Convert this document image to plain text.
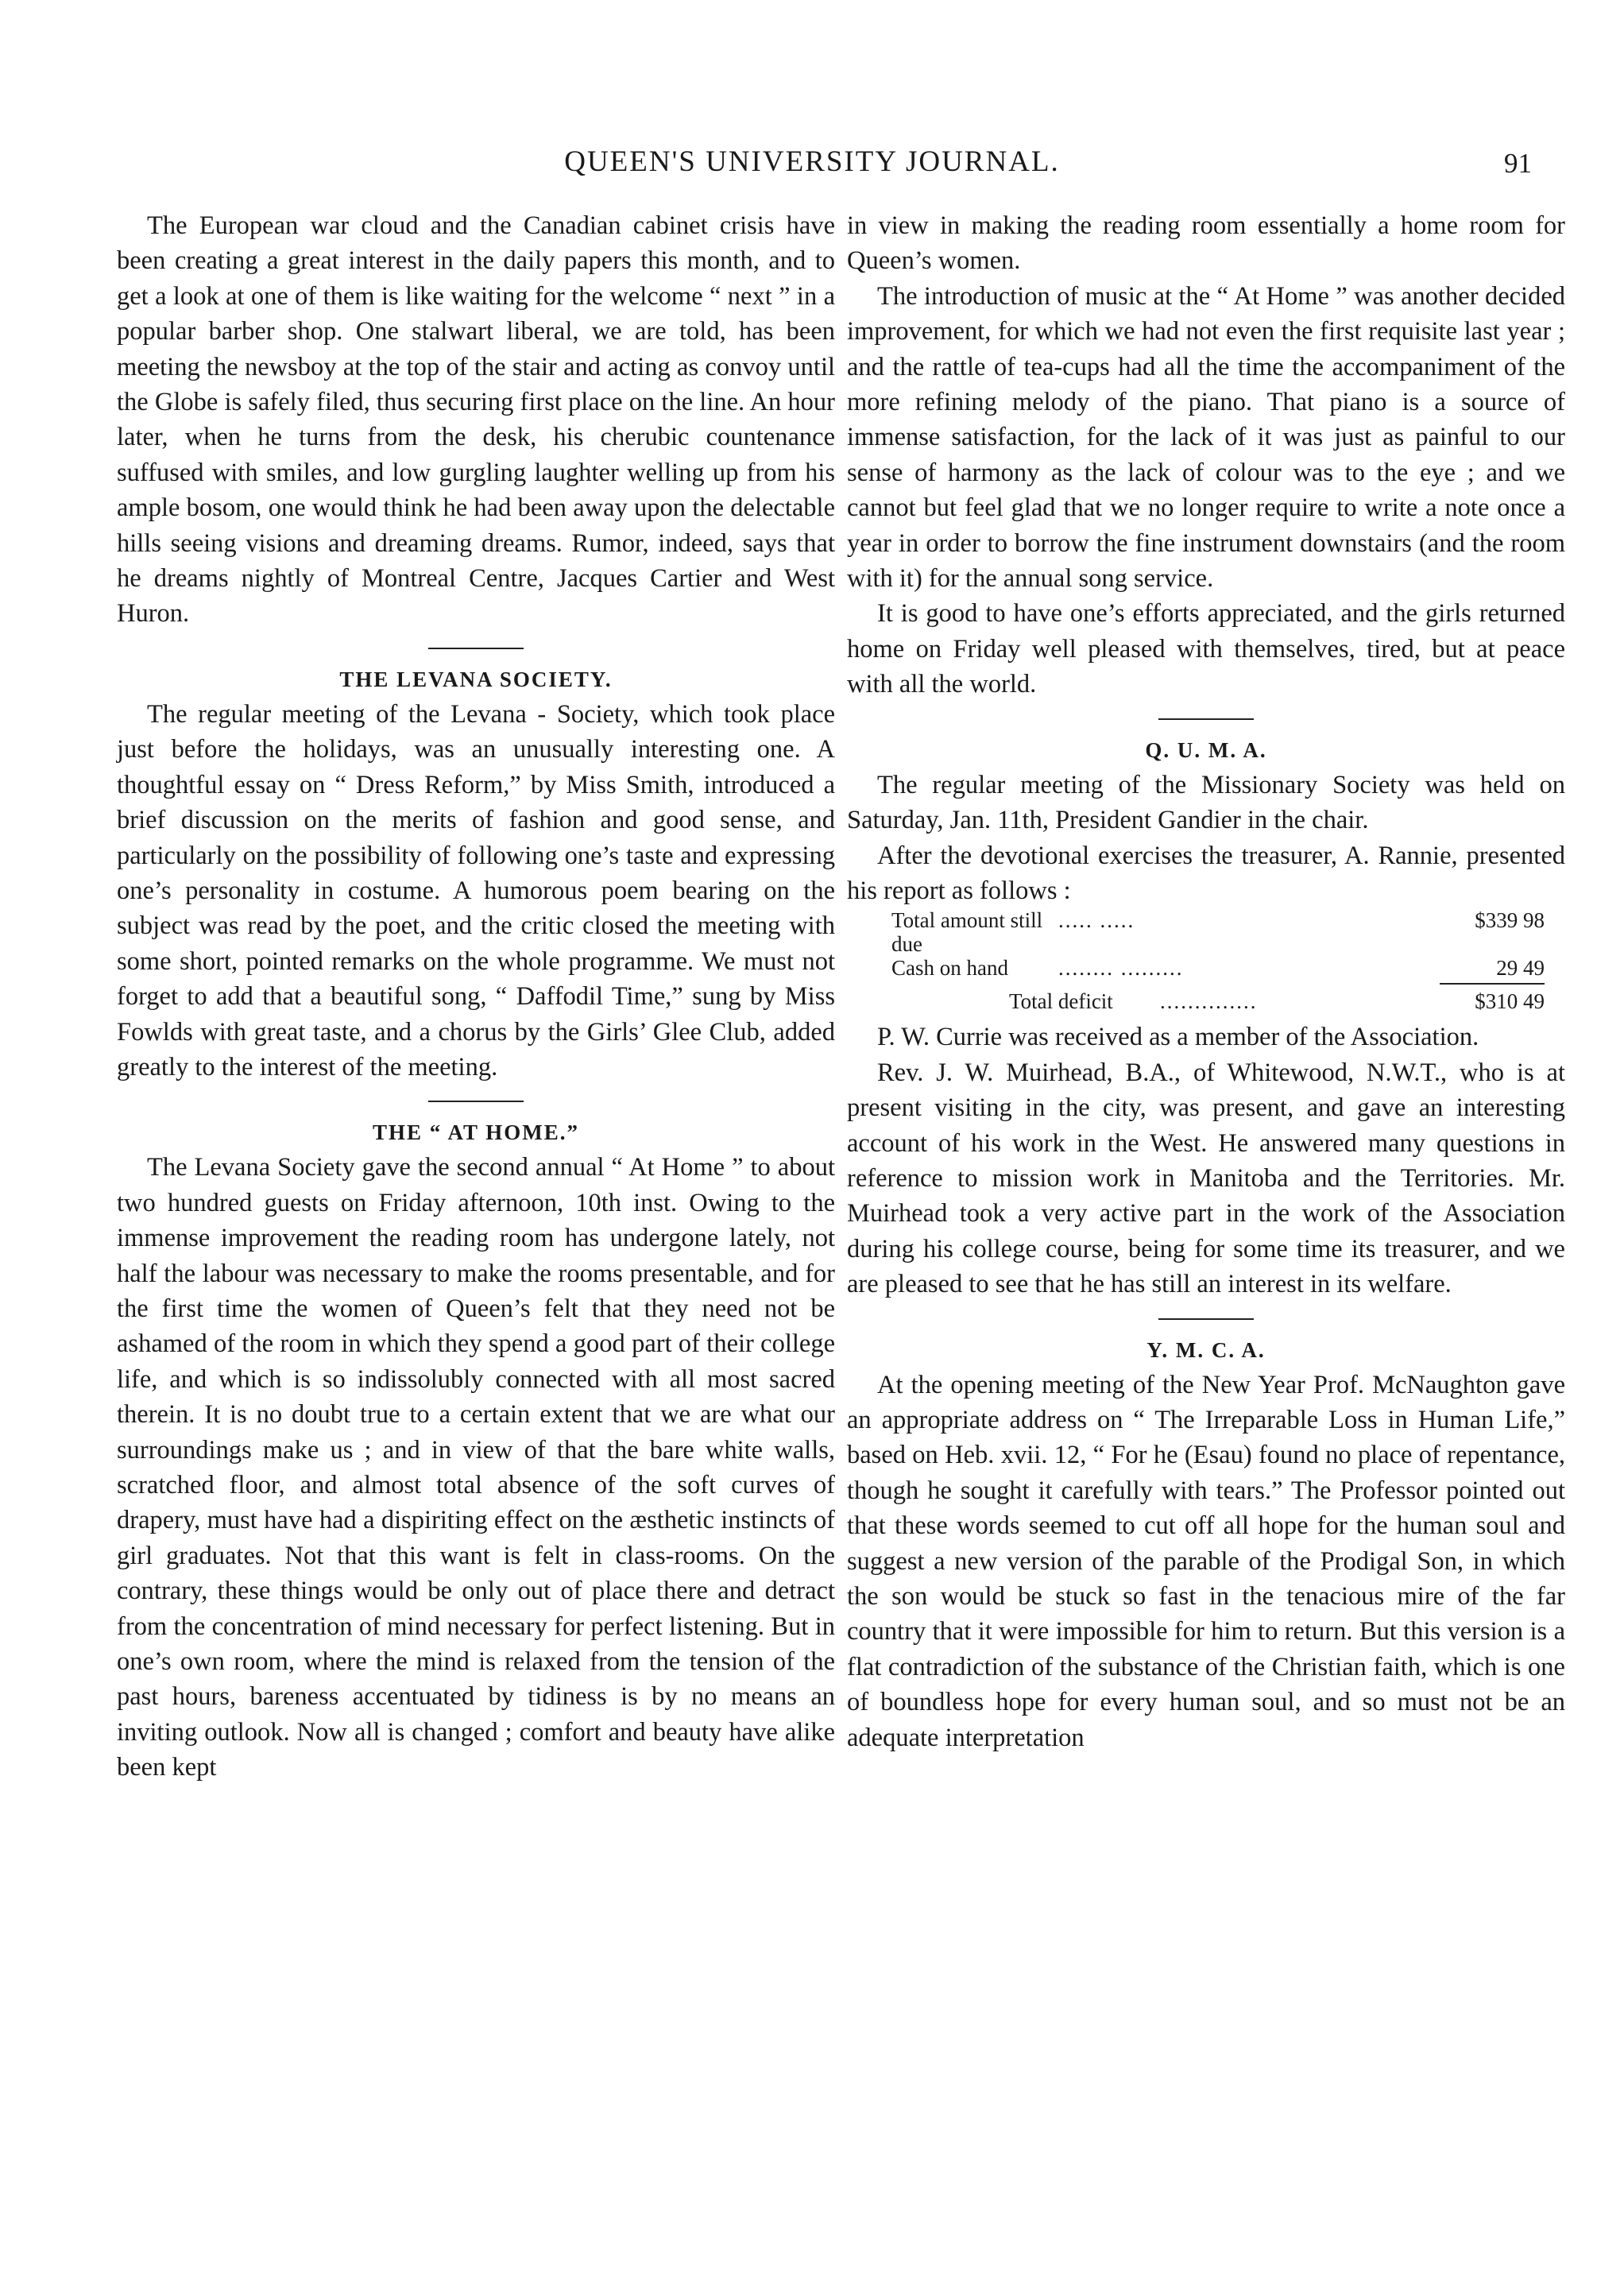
QUEEN'S UNIVERSITY JOURNAL.	91

The European war cloud and the Canadian cabinet crisis have been creating a great interest in the daily papers this month, and to get a look at one of them is like waiting for the welcome “ next ” in a popular barber shop. One stalwart liberal, we are told, has been meeting the newsboy at the top of the stair and acting as convoy until the Globe is safely filed, thus securing first place on the line. An hour later, when he turns from the desk, his cherubic countenance suffused with smiles, and low gurgling laughter welling up from his ample bosom, one would think he had been away upon the delectable hills seeing visions and dreaming dreams. Rumor, indeed, says that he dreams nightly of Montreal Centre, Jacques Cartier and West Huron.

THE LEVANA SOCIETY.

The regular meeting of the Levana - Society, which took place just before the holidays, was an unusually interesting one. A thoughtful essay on “ Dress Reform,” by Miss Smith, introduced a brief discussion on the merits of fashion and good sense, and particularly on the possibility of following one’s taste and expressing one’s personality in costume. A humorous poem bearing on the subject was read by the poet, and the critic closed the meeting with some short, pointed remarks on the whole programme. We must not forget to add that a beautiful song, “ Daffodil Time,” sung by Miss Fowlds with great taste, and a chorus by the Girls’ Glee Club, added greatly to the interest of the meeting.

THE “ AT HOME.”

The Levana Society gave the second annual “ At Home ” to about two hundred guests on Friday afternoon, 10th inst. Owing to the immense improvement the reading room has undergone lately, not half the labour was necessary to make the rooms presentable, and for the first time the women of Queen’s felt that they need not be ashamed of the room in which they spend a good part of their college life, and which is so indissolubly connected with all most sacred therein. It is no doubt true to a certain extent that we are what our surroundings make us ; and in view of that the bare white walls, scratched floor, and almost total absence of the soft curves of drapery, must have had a dispiriting effect on the æsthetic instincts of girl graduates. Not that this want is felt in class-rooms. On the contrary, these things would be only out of place there and detract from the concentration of mind necessary for perfect listening. But in one’s own room, where the mind is relaxed from the tension of the past hours, bareness accentuated by tidiness is by no means an inviting outlook. Now all is changed ; comfort and beauty have alike been kept

in view in making the reading room essentially a home room for Queen’s women.

The introduction of music at the “ At Home ” was another decided improvement, for which we had not even the first requisite last year ; and the rattle of tea-cups had all the time the accompaniment of the more refining melody of the piano. That piano is a source of immense satisfaction, for the lack of it was just as painful to our sense of harmony as the lack of colour was to the eye ; and we cannot but feel glad that we no longer require to write a note once a year in order to borrow the fine instrument downstairs (and the room with it) for the annual song service.

It is good to have one’s efforts appreciated, and the girls returned home on Friday well pleased with themselves, tired, but at peace with all the world.

Q. U. M. A.

The regular meeting of the Missionary Society was held on Saturday, Jan. 11th, President Gandier in the chair.

After the devotional exercises the treasurer, A. Rannie, presented his report as follows :

Total amount still due
..... .....	$339 98
Cash on hand	........ .........	29 49
Total deficit	..............	$310 49

P. W. Currie was received as a member of the Association.

Rev. J. W. Muirhead, B.A., of Whitewood, N.W.T., who is at present visiting in the city, was present, and gave an interesting account of his work in the West. He answered many questions in reference to mission work in Manitoba and the Territories. Mr. Muirhead took a very active part in the work of the Association during his college course, being for some time its treasurer, and we are pleased to see that he has still an interest in its welfare.

Y. M. C. A.

At the opening meeting of the New Year Prof. McNaughton gave an appropriate address on “ The Irreparable Loss in Human Life,” based on Heb. xvii. 12, “ For he (Esau) found no place of repentance, though he sought it carefully with tears.” The Professor pointed out that these words seemed to cut off all hope for the human soul and suggest a new version of the parable of the Prodigal Son, in which the son would be stuck so fast in the tenacious mire of the far country that it were impossible for him to return. But this version is a flat contradiction of the substance of the Christian faith, which is one of boundless hope for every human soul, and so must not be an adequate interpretation
